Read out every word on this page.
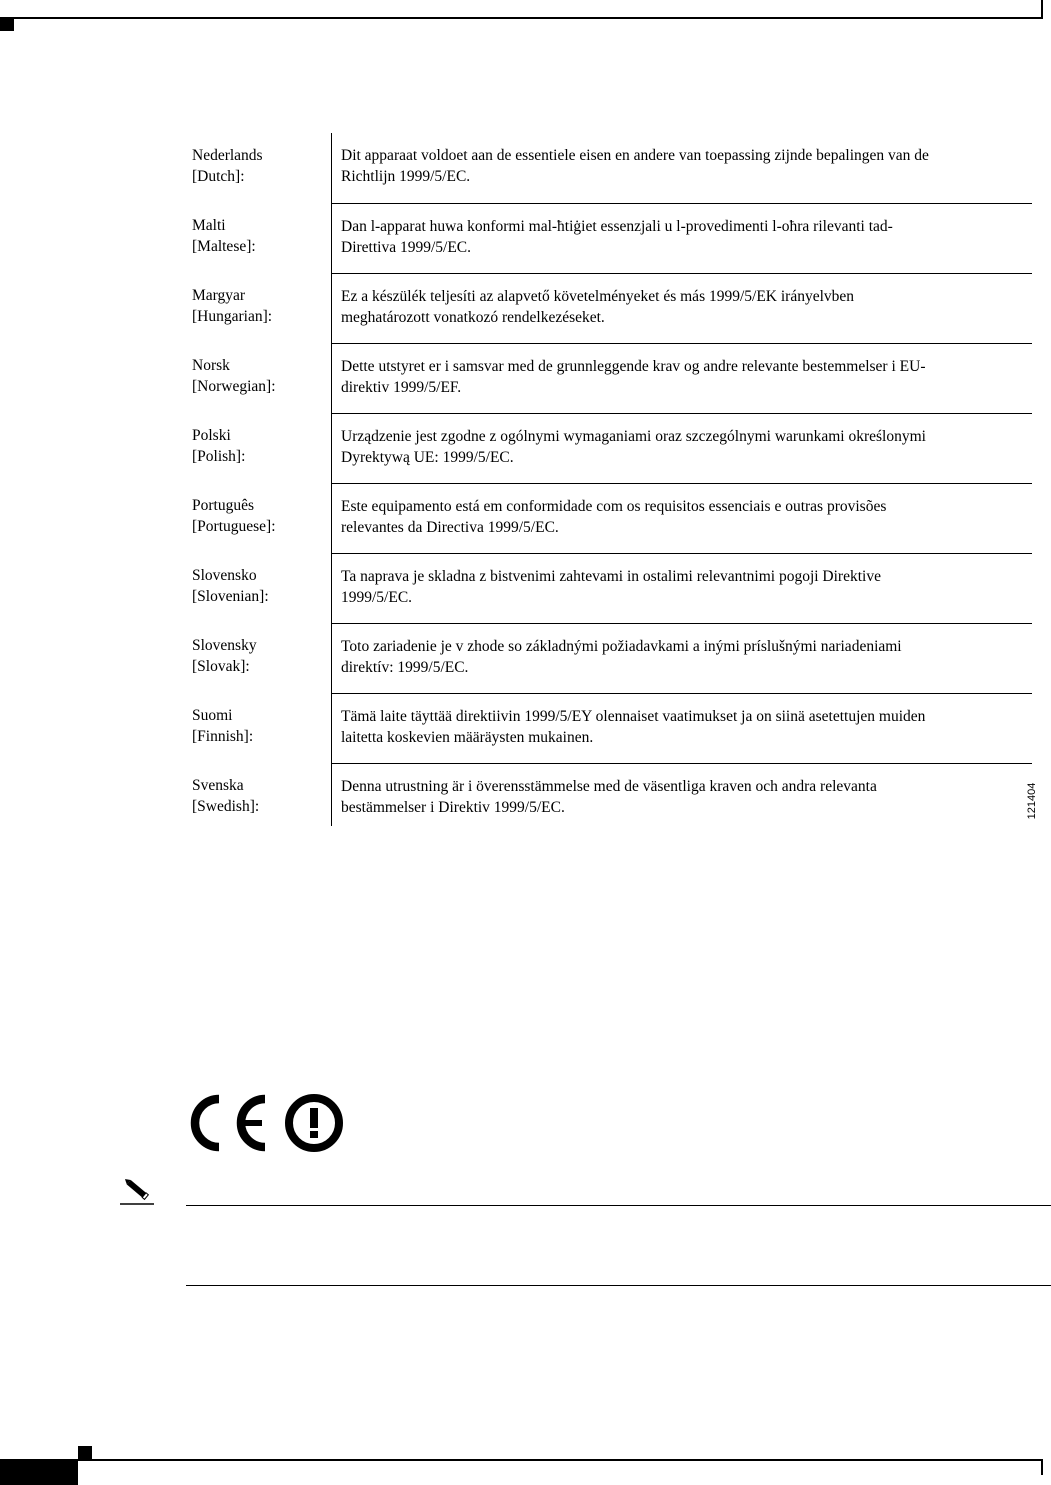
Nederlands
[Dutch]:	Dit apparaat voldoet aan de essentiele eisen en andere van toepassing zijnde bepalingen van de
Richtlijn 1999/5/EC.

Malti
[Maltese]:	Dan l-apparat huwa konformi mal-ħtiġiet essenzjali u l-provedimenti l-oħra rilevanti tad-
Direttiva 1999/5/EC.

Margyar
[Hungarian]:	Ez a készülék teljesíti az alapvető követelményeket és más 1999/5/EK irányelvben
meghatározott vonatkozó rendelkezéseket.

Norsk
[Norwegian]:	Dette utstyret er i samsvar med de grunnleggende krav og andre relevante bestemmelser i EU-
direktiv 1999/5/EF.

Polski
[Polish]:	Urządzenie jest zgodne z ogólnymi wymaganiami oraz szczególnymi warunkami określonymi
Dyrektywą UE: 1999/5/EC.

Português
[Portuguese]:	Este equipamento está em conformidade com os requisitos essenciais e outras provisões
relevantes da Directiva 1999/5/EC.

Slovensko
[Slovenian]:	Ta naprava je skladna z bistvenimi zahtevami in ostalimi relevantnimi pogoji Direktive
1999/5/EC.

Slovensky
[Slovak]:	Toto zariadenie je v zhode so základnými požiadavkami a inými príslušnými nariadeniami
direktív: 1999/5/EC.

Suomi
[Finnish]:	Tämä laite täyttää direktiivin 1999/5/EY olennaiset vaatimukset ja on siinä asetettujen muiden
laitetta koskevien määräysten mukainen.

Svenska
[Swedish]:	Denna utrustning är i överensstämmelse med de väsentliga kraven och andra relevanta
bestämmelser i Direktiv 1999/5/EC.	121404
